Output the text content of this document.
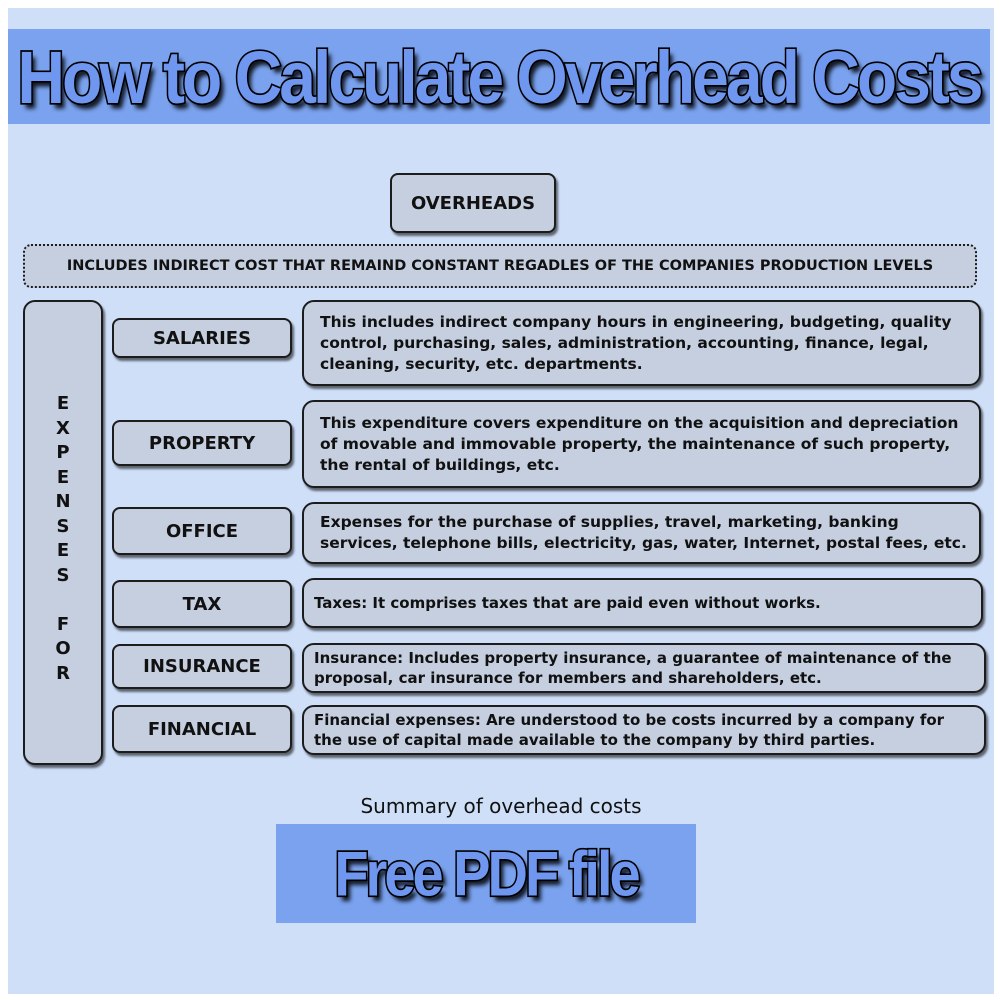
How to Calculate Overhead Costs
OVERHEADS
INCLUDES INDIRECT COST THAT REMAIND CONSTANT REGADLES OF THE COMPANIES PRODUCTION LEVELS
E
X
P
E
N
S
E
S
F
O
R
SALARIES
This includes indirect company hours in engineering, budgeting, quality control, purchasing, sales, administration, accounting, finance, legal, cleaning, security, etc. departments.
PROPERTY
This expenditure covers expenditure on the acquisition and depreciation of movable and immovable property, the maintenance of such property, the rental of buildings, etc.
OFFICE	Expenses for the purchase of supplies, travel, marketing, banking services, telephone bills, electricity, gas, water, Internet, postal fees, etc.
TAX	Taxes: It comprises taxes that are paid even without works.
INSURANCE	Insurance: Includes property insurance, a guarantee of maintenance of the proposal, car insurance for members and shareholders, etc.
FINANCIAL	Financial expenses: Are understood to be costs incurred by a company for the use of capital made available to the company by third parties.
Summary of overhead costs
Free PDF file
